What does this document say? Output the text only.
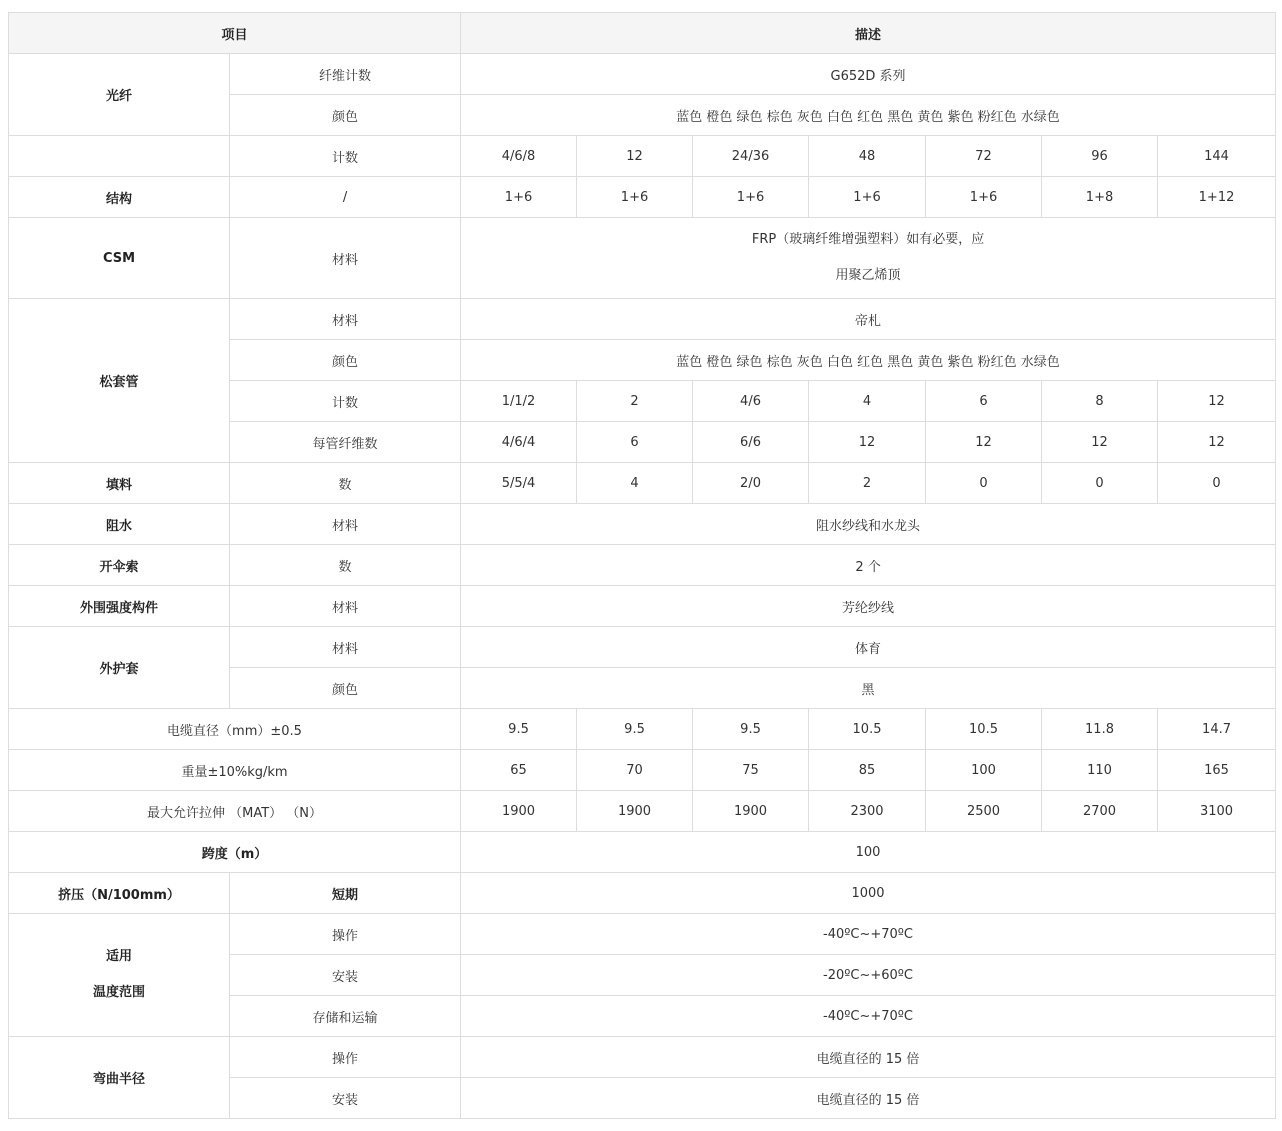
项目		描述						
光纤	纤维计数	G652D 系列						
	颜色	蓝色 橙色 绿色 棕色 灰色 白色 红色 黑色 黄色 紫色 粉红色 水绿色						
	计数	4/6/8	12	24/36	48	72	96	144
结构	/	1+6	1+6	1+6	1+6	1+6	1+8	1+12
CSM	材料	FRP（玻璃纤维增强塑料）如有必要，应
用聚乙烯顶						

松套管	材料	帝札						
	颜色	蓝色 橙色 绿色 棕色 灰色 白色 红色 黑色 黄色 紫色 粉红色 水绿色						
	计数	1/1/2	2	4/6	4	6	8	12
	每管纤维数	4/6/4	6	6/6	12	12	12	12
填料	数	5/5/4	4	2/0	2	0	0	0
阻水	材料	阻水纱线和水龙头						
开伞索	数	2 个						
外围强度构件	材料	芳纶纱线						
外护套	材料	体育						
	颜色	黑						
电缆直径（mm）±0.5		9.5	9.5	9.5	10.5	10.5	11.8	14.7
重量±10%kg/km		65	70	75	85	100	110	165
最大允许拉伸 （MAT） （N）		1900	1900	1900	2300	2500	2700	3100
跨度（m）		100						
挤压（N/100mm）	短期	1000						

适用
温度范围	操作	-40ºC~+70ºC						
	安装	-20ºC~+60ºC						
	存储和运输	-40ºC~+70ºC						
弯曲半径	操作	电缆直径的 15 倍						
	安装	电缆直径的 15 倍						
